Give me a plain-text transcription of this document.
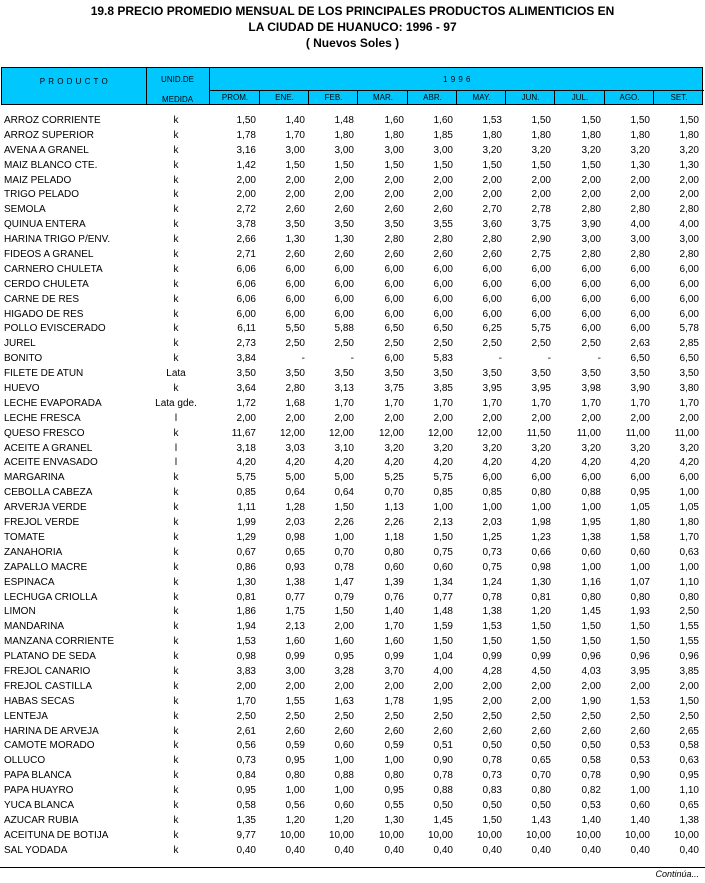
19.8 PRECIO PROMEDIO MENSUAL DE LOS PRINCIPALES PRODUCTOS ALIMENTICIOS EN
LA CIUDAD DE HUANUCO: 1996 - 97
( Nuevos Soles )
P R O D U C T O	UNID.DE
MEDIDA
1 9 9 6
PROM.	ENE.	FEB.	MAR.	ABR.	MAY.	JUN.	JUL.	AGO.	SET.
ARROZ CORRIENTE	k	1,50	1,40	1,48	1,60	1,60	1,53	1,50	1,50	1,50	1,50
ARROZ SUPERIOR	k	1,78	1,70	1,80	1,80	1,85	1,80	1,80	1,80	1,80	1,80
AVENA A GRANEL	k	3,16	3,00	3,00	3,00	3,00	3,20	3,20	3,20	3,20	3,20
MAIZ BLANCO CTE.	k	1,42	1,50	1,50	1,50	1,50	1,50	1,50	1,50	1,30	1,30
MAIZ PELADO	k	2,00	2,00	2,00	2,00	2,00	2,00	2,00	2,00	2,00	2,00
TRIGO PELADO	k	2,00	2,00	2,00	2,00	2,00	2,00	2,00	2,00	2,00	2,00
SEMOLA	k	2,72	2,60	2,60	2,60	2,60	2,70	2,78	2,80	2,80	2,80
QUINUA ENTERA	k	3,78	3,50	3,50	3,50	3,55	3,60	3,75	3,90	4,00	4,00
HARINA TRIGO P/ENV.	k	2,66	1,30	1,30	2,80	2,80	2,80	2,90	3,00	3,00	3,00
FIDEOS A GRANEL	k	2,71	2,60	2,60	2,60	2,60	2,60	2,75	2,80	2,80	2,80
CARNERO CHULETA	k	6,06	6,00	6,00	6,00	6,00	6,00	6,00	6,00	6,00	6,00
CERDO CHULETA	k	6,06	6,00	6,00	6,00	6,00	6,00	6,00	6,00	6,00	6,00
CARNE DE RES	k	6,06	6,00	6,00	6,00	6,00	6,00	6,00	6,00	6,00	6,00
HIGADO DE RES	k	6,00	6,00	6,00	6,00	6,00	6,00	6,00	6,00	6,00	6,00
POLLO EVISCERADO	k	6,11	5,50	5,88	6,50	6,50	6,25	5,75	6,00	6,00	5,78
JUREL	k	2,73	2,50	2,50	2,50	2,50	2,50	2,50	2,50	2,63	2,85
BONITO	k	3,84	-	-	6,00	5,83	-	-	-	6,50	6,50
FILETE DE ATUN	Lata	3,50	3,50	3,50	3,50	3,50	3,50	3,50	3,50	3,50	3,50
HUEVO	k	3,64	2,80	3,13	3,75	3,85	3,95	3,95	3,98	3,90	3,80
LECHE EVAPORADA	Lata gde.	1,72	1,68	1,70	1,70	1,70	1,70	1,70	1,70	1,70	1,70
LECHE FRESCA	l	2,00	2,00	2,00	2,00	2,00	2,00	2,00	2,00	2,00	2,00
QUESO FRESCO	k	11,67 12,00 12,00 12,00 12,00 12,00 11,50	11,00 11,00 11,00
ACEITE A GRANEL	l	3,18	3,03	3,10	3,20	3,20	3,20	3,20	3,20	3,20	3,20
ACEITE ENVASADO	l	4,20	4,20	4,20	4,20	4,20	4,20	4,20	4,20	4,20	4,20
MARGARINA	k	5,75	5,00	5,00	5,25	5,75	6,00	6,00	6,00	6,00	6,00
CEBOLLA CABEZA	k	0,85	0,64	0,64	0,70	0,85	0,85	0,80	0,88	0,95	1,00
ARVERJA VERDE	k	1,11	1,28	1,50	1,13	1,00	1,00	1,00	1,00	1,05	1,05
FREJOL VERDE	k	1,99	2,03	2,26	2,26	2,13	2,03	1,98	1,95	1,80	1,80
TOMATE	k	1,29	0,98	1,00	1,18	1,50	1,25	1,23	1,38	1,58	1,70
ZANAHORIA	k	0,67	0,65	0,70	0,80	0,75	0,73	0,66	0,60	0,60	0,63
ZAPALLO MACRE	k	0,86	0,93	0,78	0,60	0,60	0,75	0,98	1,00	1,00	1,00
ESPINACA	k	1,30	1,38	1,47	1,39	1,34	1,24	1,30	1,16	1,07	1,10
LECHUGA CRIOLLA	k	0,81	0,77	0,79	0,76	0,77	0,78	0,81	0,80	0,80	0,80
LIMON	k	1,86	1,75	1,50	1,40	1,48	1,38	1,20	1,45	1,93	2,50
MANDARINA	k	1,94	2,13	2,00	1,70	1,59	1,53	1,50	1,50	1,50	1,55
MANZANA CORRIENTE	k	1,53	1,60	1,60	1,60	1,50	1,50	1,50	1,50	1,50	1,55
PLATANO DE SEDA	k	0,98	0,99	0,95	0,99	1,04	0,99	0,99	0,96	0,96	0,96
FREJOL CANARIO	k	3,83	3,00	3,28	3,70	4,00	4,28	4,50	4,03	3,95	3,85
FREJOL CASTILLA	k	2,00	2,00	2,00	2,00	2,00	2,00	2,00	2,00	2,00	2,00
HABAS SECAS	k	1,70	1,55	1,63	1,78	1,95	2,00	2,00	1,90	1,53	1,50
LENTEJA	k	2,50	2,50	2,50	2,50	2,50	2,50	2,50	2,50	2,50	2,50
HARINA DE ARVEJA	k	2,61	2,60	2,60	2,60	2,60	2,60	2,60	2,60	2,60	2,65
CAMOTE MORADO	k	0,56	0,59	0,60	0,59	0,51	0,50	0,50	0,50	0,53	0,58
OLLUCO	k	0,73	0,95	1,00	1,00	0,90	0,78	0,65	0,58	0,53	0,63
PAPA BLANCA	k	0,84	0,80	0,88	0,80	0,78	0,73	0,70	0,78	0,90	0,95
PAPA HUAYRO	k	0,95	1,00	1,00	0,95	0,88	0,83	0,80	0,82	1,00	1,10
YUCA BLANCA	k	0,58	0,56	0,60	0,55	0,50	0,50	0,50	0,53	0,60	0,65
AZUCAR RUBIA	k	1,35	1,20	1,20	1,30	1,45	1,50	1,43	1,40	1,40	1,38
ACEITUNA DE BOTIJA	k	9,77 10,00 10,00 10,00 10,00 10,00 10,00 10,00 10,00 10,00
SAL YODADA	k	0,40	0,40	0,40	0,40	0,40	0,40	0,40	0,40	0,40	0,40
Continúa...
